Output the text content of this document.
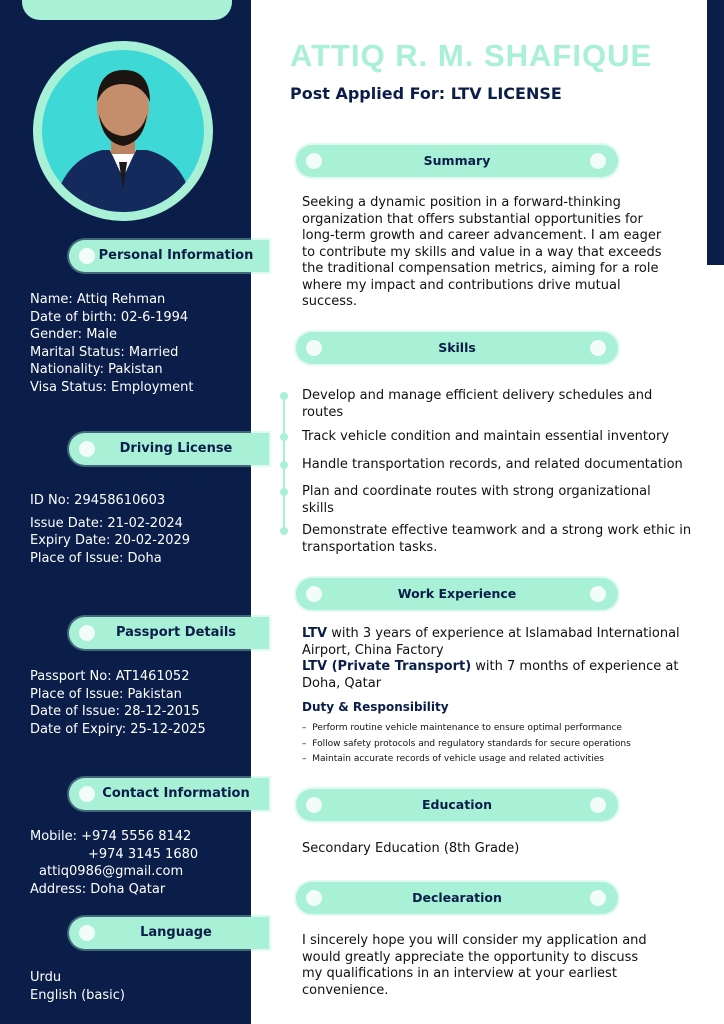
Personal Information
Name: Attiq Rehman
Date of birth: 02-6-1994
Gender: Male
Marital Status: Married
Nationality: Pakistan
Visa Status: Employment
Driving License Details
ID No: 29458610603
Issue Date: 21-02-2024
Expiry Date: 20-02-2029
Place of Issue: Doha
Passport Details
Passport No: AT1461052
Place of Issue: Pakistan
Date of Issue: 28-12-2015
Date of Expiry: 25-12-2025
Contact Information
Mobile: +974 5556 8142
+974 3145 1680
attiq0986@gmail.com
Address: Doha Qatar
Language
Urdu
English (basic)
ATTIQ R. M. SHAFIQUE
Post Applied For: LTV LICENSE
Summary
Seeking a dynamic position in a forward-thinking organization that offers substantial opportunities for long-term growth and career advancement. I am eager to contribute my skills and value in a way that exceeds the traditional compensation metrics, aiming for a role where my impact and contributions drive mutual success.
Skills
Develop and manage efficient delivery schedules and routes
Track vehicle condition and maintain essential inventory
Handle transportation records, and related documentation
Plan and coordinate routes with strong organizational skills
Demonstrate effective teamwork and a strong work ethic in transportation tasks.
Work Experience
LTV with 3 years of experience at Islamabad International Airport, China Factory
LTV (Private Transport) with 7 months of experience at Doha, Qatar
Duty & Responsibility
–  Perform routine vehicle maintenance to ensure optimal performance
–  Follow safety protocols and regulatory standards for secure operations
–  Maintain accurate records of vehicle usage and related activities
Education
Secondary Education (8th Grade)
Declearation
I sincerely hope you will consider my application and would greatly appreciate the opportunity to discuss my qualifications in an interview at your earliest convenience.
